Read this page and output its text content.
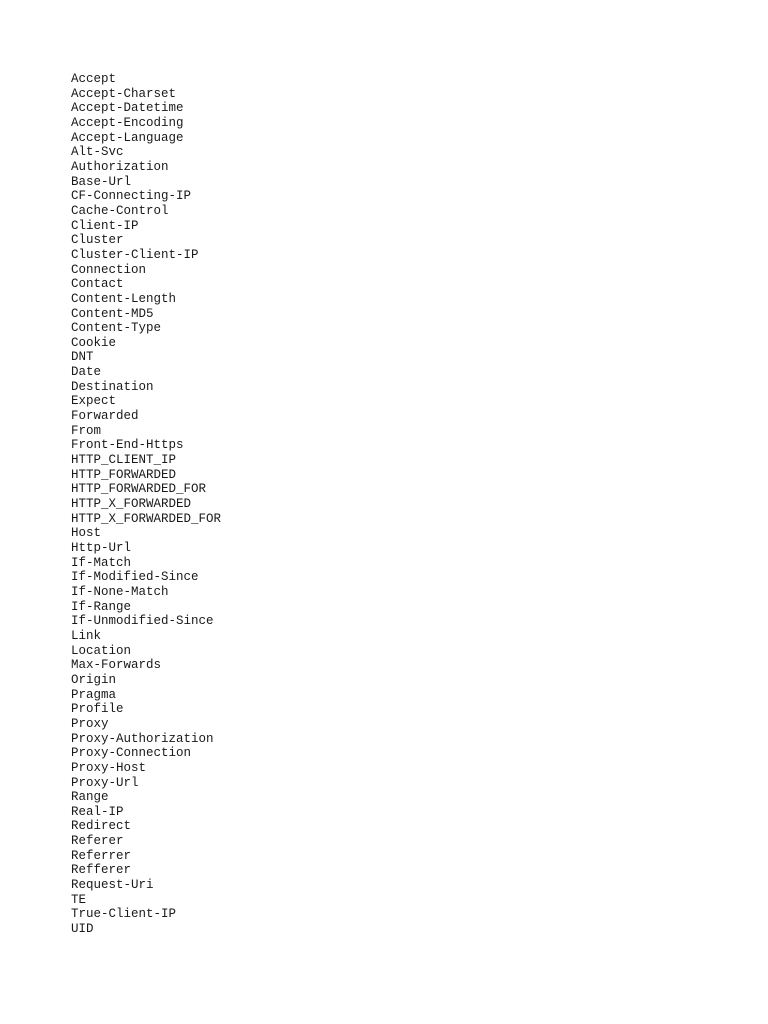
Accept
Accept-Charset
Accept-Datetime
Accept-Encoding
Accept-Language
Alt-Svc
Authorization
Base-Url
CF-Connecting-IP
Cache-Control
Client-IP
Cluster
Cluster-Client-IP
Connection
Contact
Content-Length
Content-MD5
Content-Type
Cookie
DNT
Date
Destination
Expect
Forwarded
From
Front-End-Https
HTTP_CLIENT_IP
HTTP_FORWARDED
HTTP_FORWARDED_FOR
HTTP_X_FORWARDED
HTTP_X_FORWARDED_FOR
Host
Http-Url
If-Match
If-Modified-Since
If-None-Match
If-Range
If-Unmodified-Since
Link
Location
Max-Forwards
Origin
Pragma
Profile
Proxy
Proxy-Authorization
Proxy-Connection
Proxy-Host
Proxy-Url
Range
Real-IP
Redirect
Referer
Referrer
Refferer
Request-Uri
TE
True-Client-IP
UID
